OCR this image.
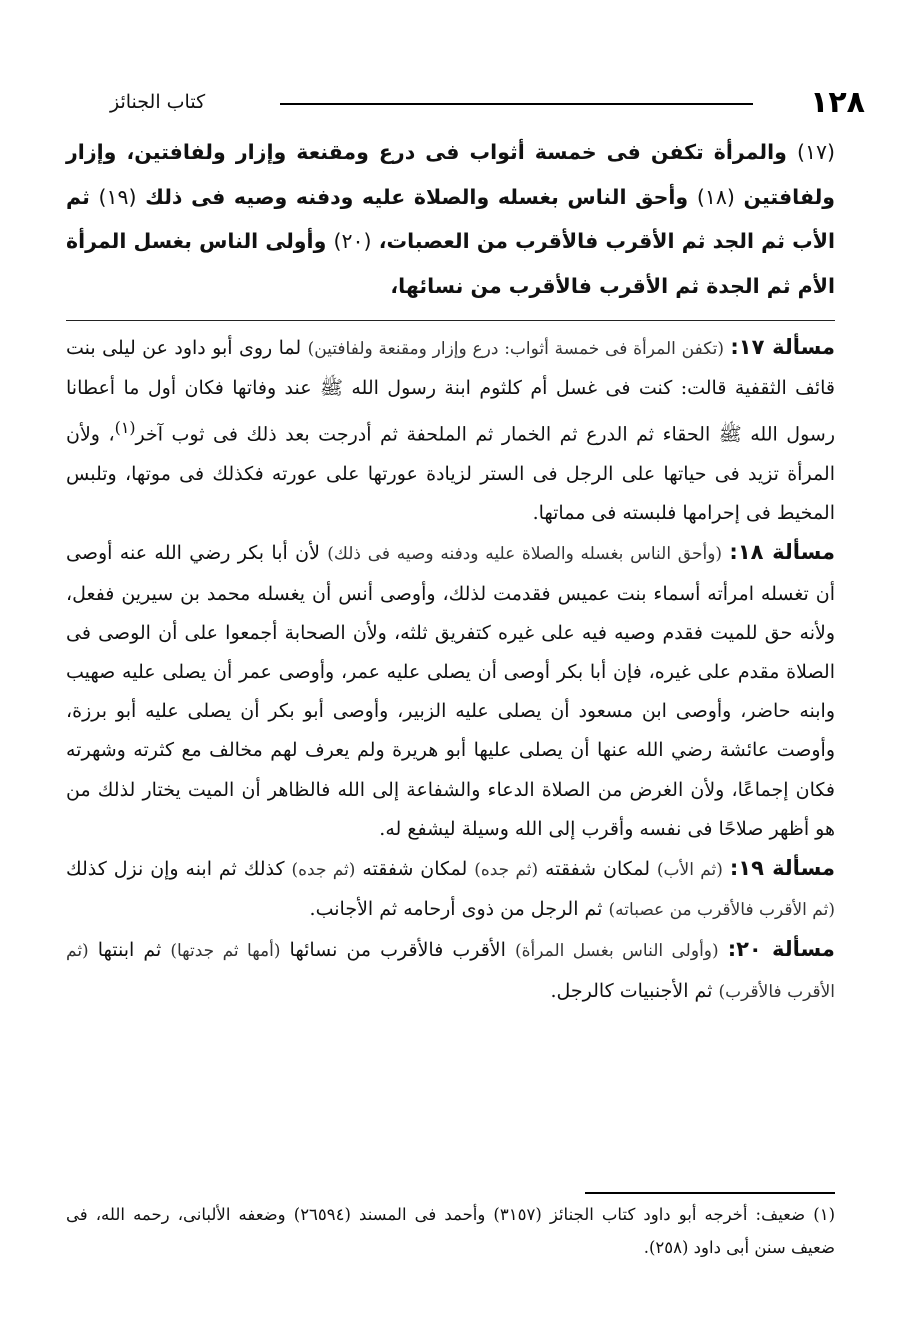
١٢٨
كتاب الجنائز

(١٧) والمرأة تكفن فى خمسة أثواب فى درع ومقنعة وإزار ولفافتين، وإزار ولفافتين (١٨) وأحق الناس بغسله والصلاة عليه ودفنه وصيه فى ذلك (١٩) ثم الأب ثم الجد ثم الأقرب فالأقرب من العصبات، (٢٠) وأولى الناس بغسل المرأة الأم ثم الجدة ثم الأقرب فالأقرب من نسائها،

مسألة ١٧: (تكفن المرأة فى خمسة أثواب: درع وإزار ومقنعة ولفافتين) لما روى أبو داود عن ليلى بنت قائف الثقفية قالت: كنت فى غسل أم كلثوم ابنة رسول الله ﷺ عند وفاتها فكان أول ما أعطانا رسول الله ﷺ الحقاء ثم الدرع ثم الخمار ثم الملحفة ثم أدرجت بعد ذلك فى ثوب آخر$^{(١)}$، ولأن المرأة تزيد فى حياتها على الرجل فى الستر لزيادة عورتها على عورته فكذلك فى موتها، وتلبس المخيط فى إحرامها فلبسته فى مماتها.

مسألة ١٨: (وأحق الناس بغسله والصلاة عليه ودفنه وصيه فى ذلك) لأن أبا بكر رضي الله عنه أوصى أن تغسله امرأته أسماء بنت عميس فقدمت لذلك، وأوصى أنس أن يغسله محمد بن سيرين ففعل، ولأنه حق للميت فقدم وصيه فيه على غيره كتفريق ثلثه، ولأن الصحابة أجمعوا على أن الوصى فى الصلاة مقدم على غيره، فإن أبا بكر أوصى أن يصلى عليه عمر، وأوصى عمر أن يصلى عليه صهيب وابنه حاضر، وأوصى ابن مسعود أن يصلى عليه الزبير، وأوصى أبو بكر أن يصلى عليه أبو برزة، وأوصت عائشة رضي الله عنها أن يصلى عليها أبو هريرة ولم يعرف لهم مخالف مع كثرته وشهرته فكان إجماعًا، ولأن الغرض من الصلاة الدعاء والشفاعة إلى الله فالظاهر أن الميت يختار لذلك من هو أظهر صلاحًا فى نفسه وأقرب إلى الله وسيلة ليشفع له.

مسألة ١٩: (ثم الأب) لمكان شفقته (ثم جده) لمكان شفقته (ثم جده) كذلك ثم ابنه وإن نزل كذلك (ثم الأقرب فالأقرب من عصباته) ثم الرجل من ذوى أرحامه ثم الأجانب.

مسألة ٢٠: (وأولى الناس بغسل المرأة) الأقرب فالأقرب من نسائها (أمها ثم جدتها) ثم ابنتها (ثم الأقرب فالأقرب) ثم الأجنبيات كالرجل.

(١) ضعيف: أخرجه أبو داود كتاب الجنائز (٣١٥٧) وأحمد فى المسند (٢٦٥٩٤) وضعفه الألبانى، رحمه الله، فى ضعيف سنن أبى داود (٢٥٨).
